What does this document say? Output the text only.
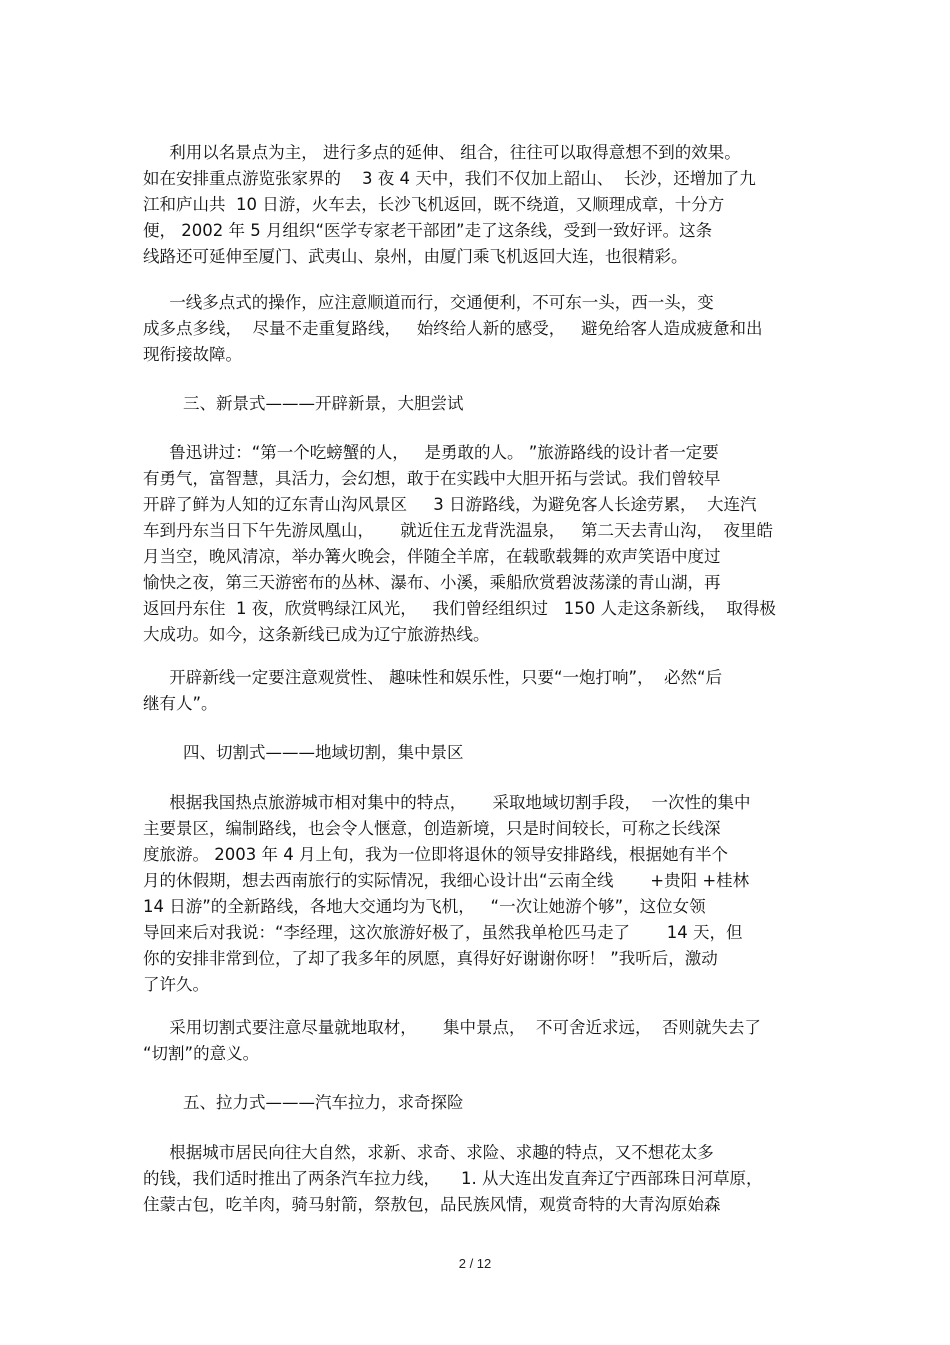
利用以名景点为主， 进行多点的延伸、 组合，往往可以取得意想不到的效果。
如在安排重点游览张家界的    3 夜 4 天中，我们不仅加上韶山、  长沙，还增加了九
江和庐山共  10 日游，火车去，长沙飞机返回，既不绕道，又顺理成章，十分方
便， 2002 年 5 月组织“医学专家老干部团”走了这条线，受到一致好评。这条
线路还可延伸至厦门、武夷山、泉州，由厦门乘飞机返回大连，也很精彩。
一线多点式的操作，应注意顺道而行，交通便利，不可东一头，西一头，变
成多点多线，  尽量不走重复路线，   始终给人新的感受，   避免给客人造成疲惫和出
现衔接故障。
三、新景式———开辟新景，大胆尝试
鲁迅讲过：“第一个吃螃蟹的人，   是勇敢的人。 ”旅游路线的设计者一定要
有勇气，富智慧，具活力，会幻想，敢于在实践中大胆开拓与尝试。我们曾较早
开辟了鲜为人知的辽东青山沟风景区     3 日游路线，为避免客人长途劳累，  大连汽
车到丹东当日下午先游凤凰山，     就近住五龙背洗温泉，   第二天去青山沟，  夜里皓
月当空，晚风清凉，举办篝火晚会，伴随全羊席，在载歌载舞的欢声笑语中度过
愉快之夜，第三天游密布的丛林、瀑布、小溪，乘船欣赏碧波荡漾的青山湖，再
返回丹东住  1 夜，欣赏鸭绿江风光，   我们曾经组织过   150 人走这条新线，  取得极
大成功。如今，这条新线已成为辽宁旅游热线。
开辟新线一定要注意观赏性、 趣味性和娱乐性，只要“一炮打响”，  必然“后
继有人”。
四、切割式———地域切割，集中景区
根据我国热点旅游城市相对集中的特点，     采取地域切割手段，  一次性的集中
主要景区，编制路线，也会令人惬意，创造新境，只是时间较长，可称之长线深
度旅游。 2003 年 4 月上旬，我为一位即将退休的领导安排路线，根据她有半个
月的休假期，想去西南旅行的实际情况，我细心设计出“云南全线       +贵阳 +桂林
14 日游”的全新路线，各地大交通均为飞机，   “一次让她游个够”，这位女领
导回来后对我说：“李经理，这次旅游好极了，虽然我单枪匹马走了       14 天，但
你的安排非常到位，了却了我多年的夙愿，真得好好谢谢你呀！ ”我听后，激动
了许久。
采用切割式要注意尽量就地取材，     集中景点，  不可舍近求远，  否则就失去了
“切割”的意义。
五、拉力式———汽车拉力，求奇探险
根据城市居民向往大自然，求新、求奇、求险、求趣的特点，又不想花太多
的钱，我们适时推出了两条汽车拉力线，    1. 从大连出发直奔辽宁西部珠日河草原，
住蒙古包，吃羊肉，骑马射箭，祭敖包，品民族风情，观赏奇特的大青沟原始森
2 / 12
